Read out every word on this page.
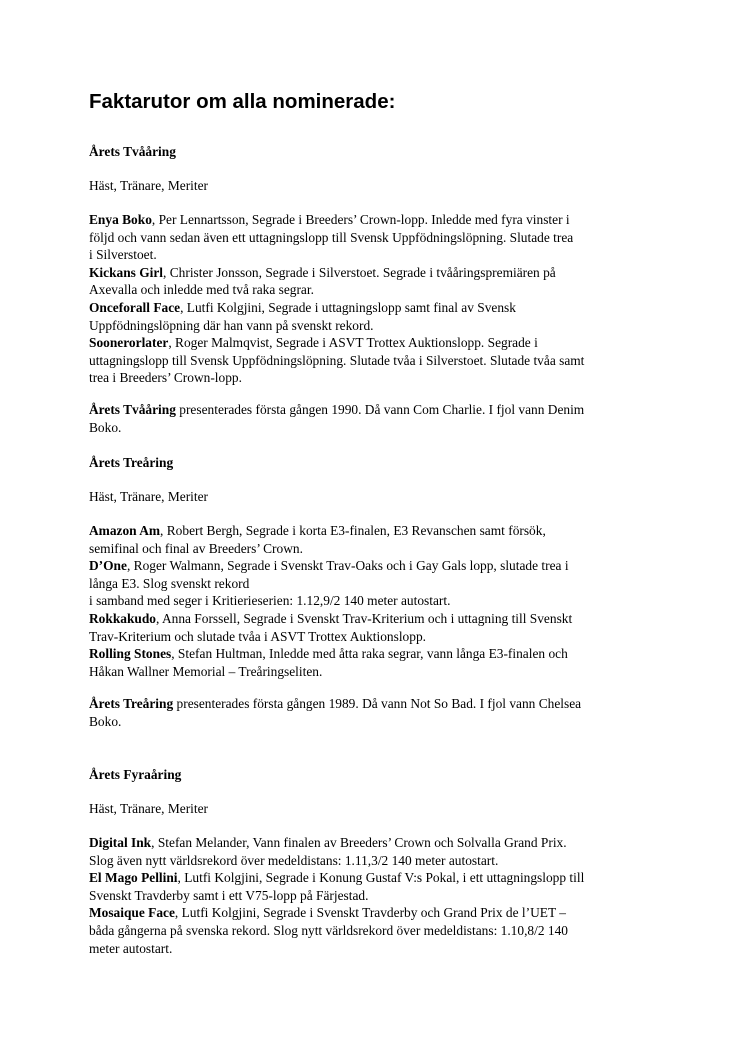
Faktarutor om alla nominerade:

Årets Tvååring

Häst, Tränare, Meriter

Enya Boko, Per Lennartsson, Segrade i Breeders’ Crown-lopp. Inledde med fyra vinster i
följd och vann sedan även ett uttagningslopp till Svensk Uppfödningslöpning. Slutade trea
i Silverstoet.
Kickans Girl, Christer Jonsson, Segrade i Silverstoet. Segrade i tvååringspremiären på
Axevalla och inledde med två raka segrar.
Onceforall Face, Lutfi Kolgjini, Segrade i uttagningslopp samt final av Svensk
Uppfödningslöpning där han vann på svenskt rekord.
Soonerorlater, Roger Malmqvist, Segrade i ASVT Trottex Auktionslopp. Segrade i
uttagningslopp till Svensk Uppfödningslöpning. Slutade tvåa i Silverstoet. Slutade tvåa samt
trea i Breeders’ Crown-lopp.

Årets Tvååring presenterades första gången 1990. Då vann Com Charlie. I fjol vann Denim
Boko.

Årets Treåring

Häst, Tränare, Meriter

Amazon Am, Robert Bergh, Segrade i korta E3-finalen, E3 Revanschen samt försök,
semifinal och final av Breeders’ Crown.
D’One, Roger Walmann, Segrade i Svenskt Trav-Oaks och i Gay Gals lopp, slutade trea i
långa E3. Slog svenskt rekord
i samband med seger i Kritierieserien: 1.12,9/2 140 meter autostart.
Rokkakudo, Anna Forssell, Segrade i Svenskt Trav-Kriterium och i uttagning till Svenskt
Trav-Kriterium och slutade tvåa i ASVT Trottex Auktionslopp.
Rolling Stones, Stefan Hultman, Inledde med åtta raka segrar, vann långa E3-finalen och
Håkan Wallner Memorial – Treåringseliten.

Årets Treåring presenterades första gången 1989. Då vann Not So Bad. I fjol vann Chelsea
Boko.

Årets Fyraåring

Häst, Tränare, Meriter

Digital Ink, Stefan Melander, Vann finalen av Breeders’ Crown och Solvalla Grand Prix.
Slog även nytt världsrekord över medeldistans: 1.11,3/2 140 meter autostart.
El Mago Pellini, Lutfi Kolgjini, Segrade i Konung Gustaf V:s Pokal, i ett uttagningslopp till
Svenskt Travderby samt i ett V75-lopp på Färjestad.
Mosaique Face, Lutfi Kolgjini, Segrade i Svenskt Travderby och Grand Prix de l’UET –
båda gångerna på svenska rekord. Slog nytt världsrekord över medeldistans: 1.10,8/2 140
meter autostart.
